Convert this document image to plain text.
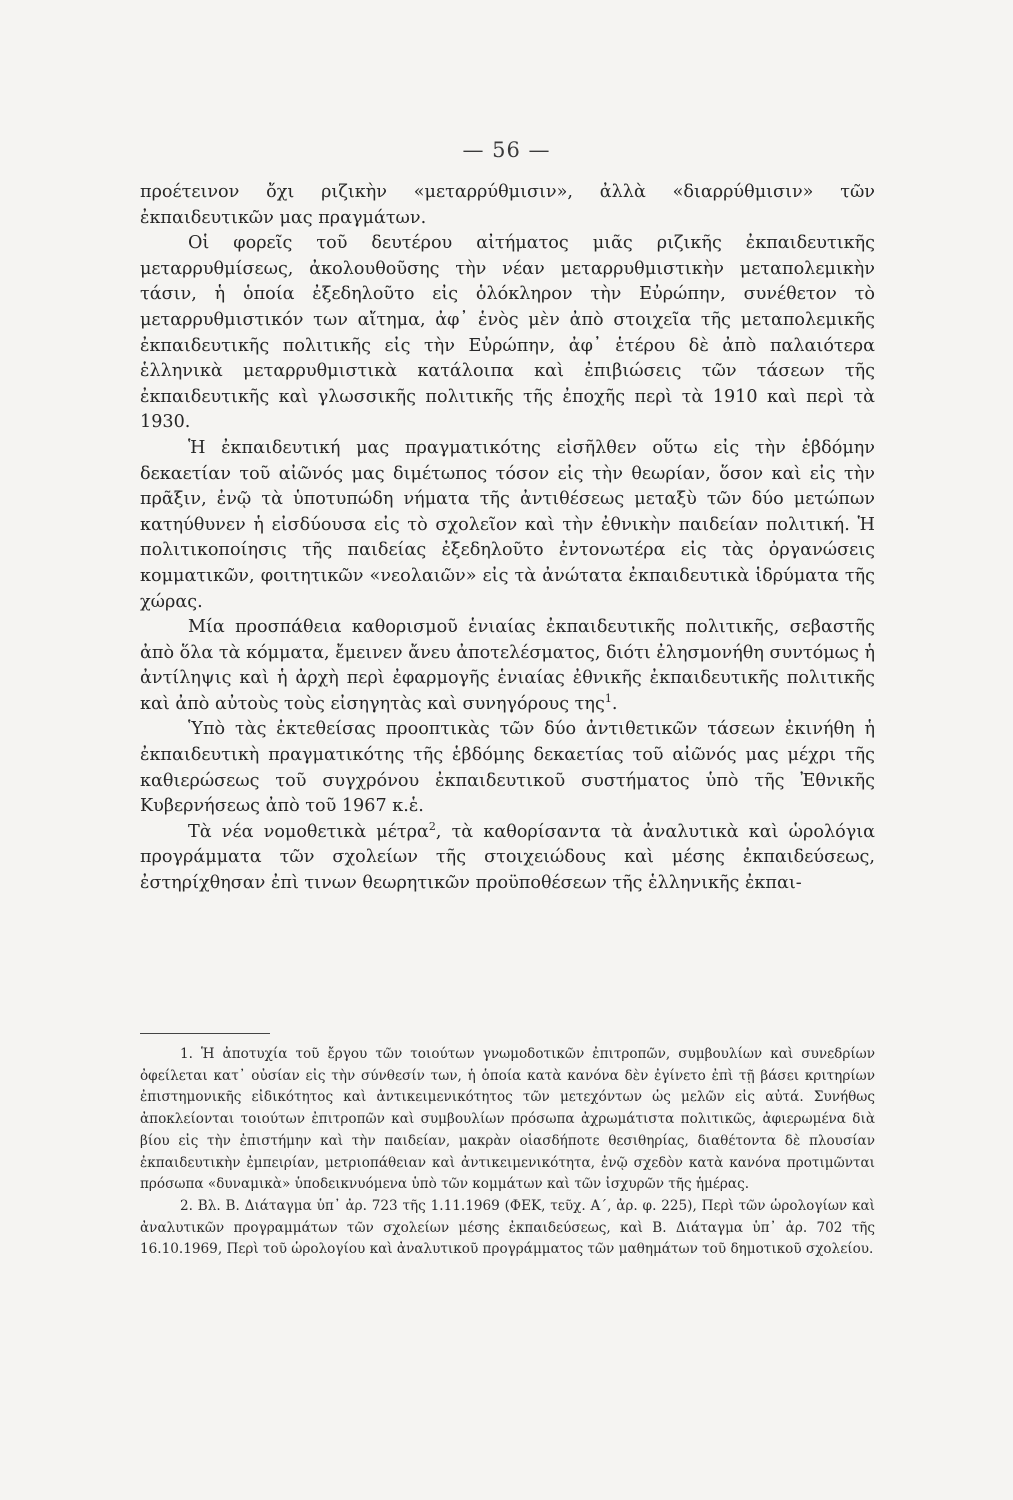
— 56 —

προέτεινον ὄχι ριζικὴν «μεταρρύθμισιν», ἀλλὰ «διαρρύθμισιν» τῶν ἐκπαιδευτικῶν μας πραγμάτων.

Οἱ φορεῖς τοῦ δευτέρου αἰτήματος μιᾶς ριζικῆς ἐκπαιδευτικῆς μεταρρυθμίσεως, ἀκολουθοῦσης τὴν νέαν μεταρρυθμιστικὴν μεταπολεμικὴν τάσιν, ἡ ὁποία ἐξεδηλοῦτο εἰς ὁλόκληρον τὴν Εὐρώπην, συνέθετον τὸ μεταρρυθμιστικόν των αἴτημα, ἀφ᾽ ἑνὸς μὲν ἀπὸ στοιχεῖα τῆς μεταπολεμικῆς ἐκπαιδευτικῆς πολιτικῆς εἰς τὴν Εὐρώπην, ἀφ᾽ ἑτέρου δὲ ἀπὸ παλαιότερα ἑλληνικὰ μεταρρυθμιστικὰ κατάλοιπα καὶ ἐπιβιώσεις τῶν τάσεων τῆς ἐκπαιδευτικῆς καὶ γλωσσικῆς πολιτικῆς τῆς ἐποχῆς περὶ τὰ 1910 καὶ περὶ τὰ 1930.

Ἡ ἐκπαιδευτική μας πραγματικότης εἰσῆλθεν οὕτω εἰς τὴν ἑβδόμην δεκαετίαν τοῦ αἰῶνός μας διμέτωπος τόσον εἰς τὴν θεωρίαν, ὅσον καὶ εἰς τὴν πρᾶξιν, ἐνῷ τὰ ὑποτυπώδη νήματα τῆς ἀντιθέσεως μεταξὺ τῶν δύο μετώπων κατηύθυνεν ἡ εἰσδύουσα εἰς τὸ σχολεῖον καὶ τὴν ἐθνικὴν παιδείαν πολιτική. Ἡ πολιτικοποίησις τῆς παιδείας ἐξεδηλοῦτο ἐντονωτέρα εἰς τὰς ὀργανώσεις κομματικῶν, φοιτητικῶν «νεολαιῶν» εἰς τὰ ἀνώτατα ἐκπαιδευτικὰ ἱδρύματα τῆς χώρας.

Μία προσπάθεια καθορισμοῦ ἑνιαίας ἐκπαιδευτικῆς πολιτικῆς, σεβαστῆς ἀπὸ ὅλα τὰ κόμματα, ἔμεινεν ἄνευ ἀποτελέσματος, διότι ἐλησμονήθη συντόμως ἡ ἀντίληψις καὶ ἡ ἀρχὴ περὶ ἐφαρμογῆς ἑνιαίας ἐθνικῆς ἐκπαιδευτικῆς πολιτικῆς καὶ ἀπὸ αὐτοὺς τοὺς εἰσηγητὰς καὶ συνηγόρους της$^1$.

Ὑπὸ τὰς ἐκτεθείσας προοπτικὰς τῶν δύο ἀντιθετικῶν τάσεων ἐκινήθη ἡ ἐκπαιδευτικὴ πραγματικότης τῆς ἑβδόμης δεκαετίας τοῦ αἰῶνός μας μέχρι τῆς καθιερώσεως τοῦ συγχρόνου ἐκπαιδευτικοῦ συστήματος ὑπὸ τῆς Ἐθνικῆς Κυβερνήσεως ἀπὸ τοῦ 1967 κ.ἑ.

Τὰ νέα νομοθετικὰ μέτρα$^2$, τὰ καθορίσαντα τὰ ἀναλυτικὰ καὶ ὡρολόγια προγράμματα τῶν σχολείων τῆς στοιχειώδους καὶ μέσης ἐκπαιδεύσεως, ἐστηρίχθησαν ἐπὶ τινων θεωρητικῶν προϋποθέσεων τῆς ἑλληνικῆς ἐκπαι-

1. Ἡ ἀποτυχία τοῦ ἔργου τῶν τοιούτων γνωμοδοτικῶν ἐπιτροπῶν, συμβουλίων καὶ συνεδρίων ὀφείλεται κατ᾽ οὐσίαν εἰς τὴν σύνθεσίν των, ἡ ὁποία κατὰ κανόνα δὲν ἐγίνετο ἐπὶ τῇ βάσει κριτηρίων ἐπιστημονικῆς εἰδικότητος καὶ ἀντικειμενικότητος τῶν μετεχόντων ὡς μελῶν εἰς αὐτά. Συνήθως ἀποκλείονται τοιούτων ἐπιτροπῶν καὶ συμβουλίων πρόσωπα ἀχρωμάτιστα πολιτικῶς, ἀφιερωμένα διὰ βίου εἰς τὴν ἐπιστήμην καὶ τὴν παιδείαν, μακρὰν οἱασδήποτε θεσιθηρίας, διαθέτοντα δὲ πλουσίαν ἐκπαιδευτικὴν ἐμπειρίαν, μετριοπάθειαν καὶ ἀντικειμενικότητα, ἐνῷ σχεδὸν κατὰ κανόνα προτιμῶνται πρόσωπα «δυναμικὰ» ὑποδεικνυόμενα ὑπὸ τῶν κομμάτων καὶ τῶν ἰσχυρῶν τῆς ἡμέρας.

2. Βλ. Β. Διάταγμα ὑπ᾽ ἀρ. 723 τῆς 1.11.1969 (ΦΕΚ, τεῦχ. Α΄, ἀρ. φ. 225), Περὶ τῶν ὡρολογίων καὶ ἀναλυτικῶν προγραμμάτων τῶν σχολείων μέσης ἐκπαιδεύσεως, καὶ Β. Διάταγμα ὑπ᾽ ἀρ. 702 τῆς 16.10.1969, Περὶ τοῦ ὡρολογίου καὶ ἀναλυτικοῦ προγράμματος τῶν μαθημάτων τοῦ δημοτικοῦ σχολείου.
